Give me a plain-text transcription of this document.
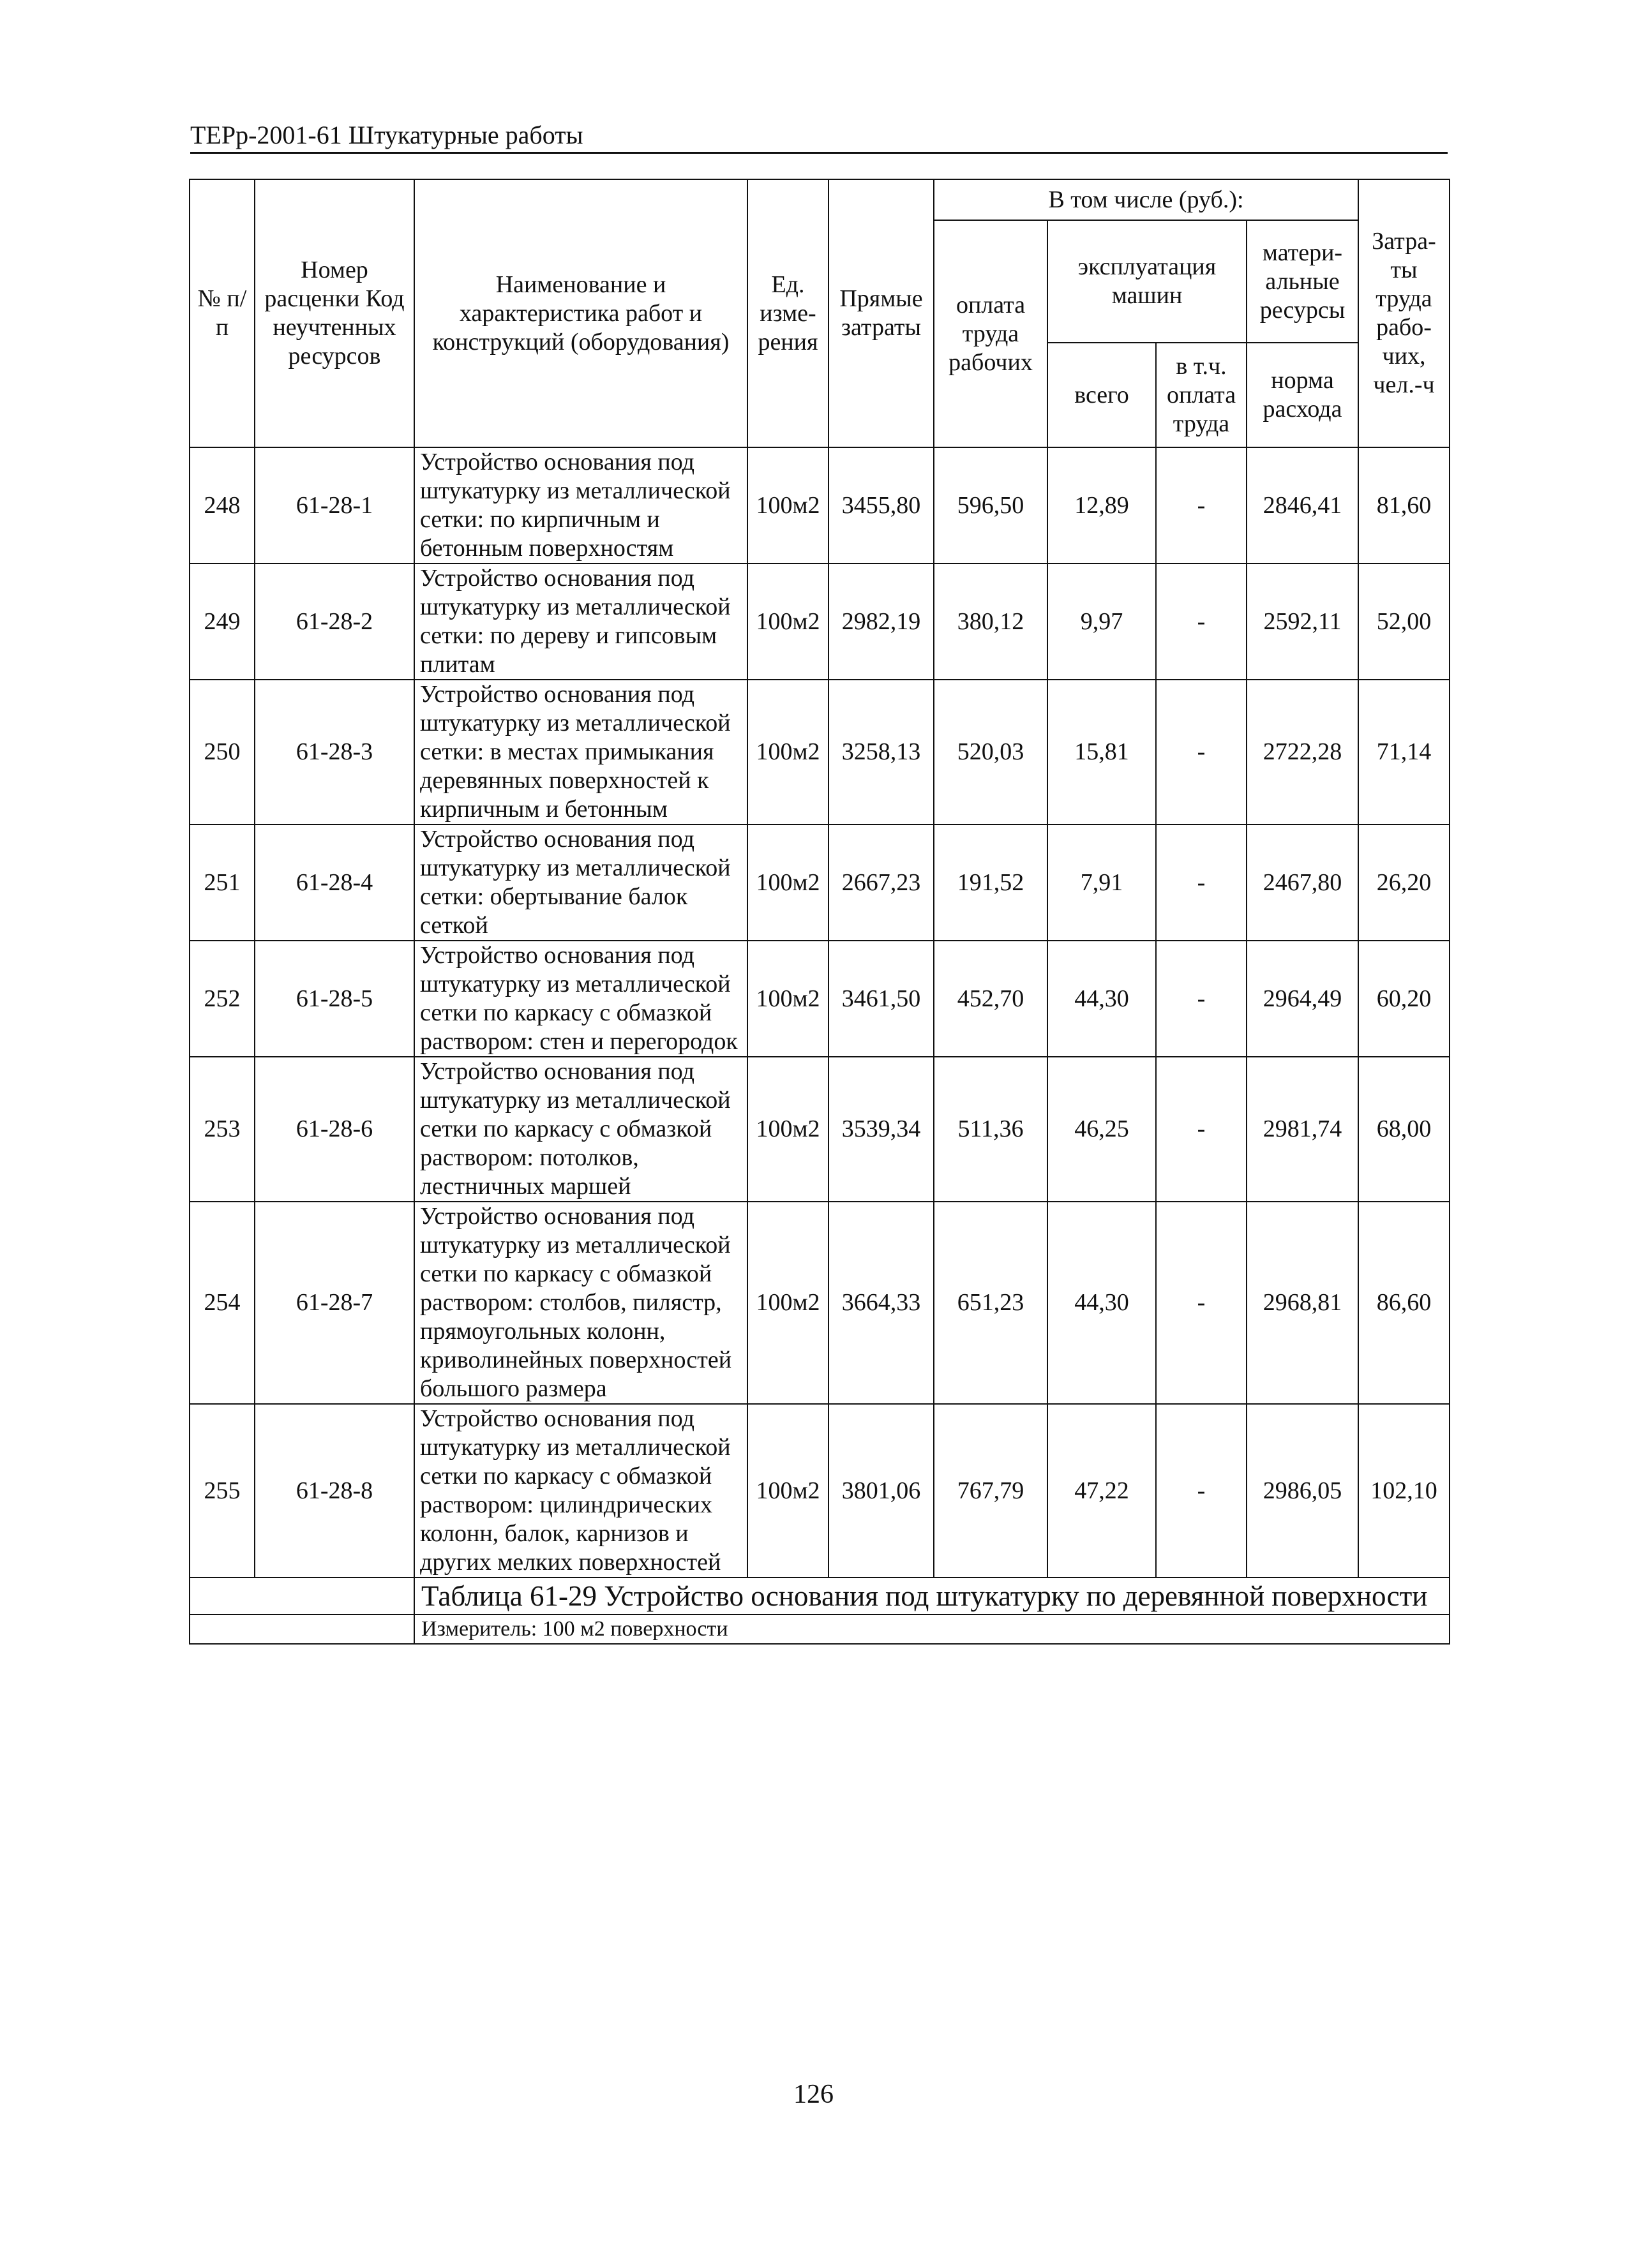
ТЕРр-2001-61 Штукатурные работы
№ п/п	Номер расценки Код неучтенных ресурсов	Наименование и характеристика работ и конструкций (оборудования)	Ед. изме-рения	Прямые затраты	В том числе (руб.):				Затра-ты труда рабо-чих, чел.-ч
					оплата труда рабочих	эксплуатация машин		матери-альные ресурсы	
						всего	в т.ч. оплата труда	норма расхода	
248	61-28-1	Устройство основания под штукатурку из металлической сетки: по кирпичным и бетонным поверхностям	100м2	3455,80	596,50	12,89	-	2846,41	81,60
249	61-28-2	Устройство основания под штукатурку из металлической сетки: по дереву и гипсовым плитам	100м2	2982,19	380,12	9,97	-	2592,11	52,00
250	61-28-3	Устройство основания под штукатурку из металлической сетки: в местах примыкания деревянных поверхностей к кирпичным и бетонным	100м2	3258,13	520,03	15,81	-	2722,28	71,14
251	61-28-4	Устройство основания под штукатурку из металлической сетки: обертывание балок сеткой	100м2	2667,23	191,52	7,91	-	2467,80	26,20
252	61-28-5	Устройство основания под штукатурку из металлической сетки по каркасу с обмазкой раствором: стен и перегородок	100м2	3461,50	452,70	44,30	-	2964,49	60,20
253	61-28-6	Устройство основания под штукатурку из металлической сетки по каркасу с обмазкой раствором: потолков, лестничных маршей	100м2	3539,34	511,36	46,25	-	2981,74	68,00
254	61-28-7	Устройство основания под штукатурку из металлической сетки по каркасу с обмазкой раствором: столбов, пилястр, прямоугольных колонн, криволинейных поверхностей большого размера	100м2	3664,33	651,23	44,30	-	2968,81	86,60
255	61-28-8	Устройство основания под штукатурку из металлической сетки по каркасу с обмазкой раствором: цилиндрических колонн, балок, карнизов и других мелких поверхностей	100м2	3801,06	767,79	47,22	-	2986,05	102,10
		Таблица 61-29 Устройство основания под штукатурку по деревянной поверхности							
		Измеритель: 100 м2 поверхности							
126
